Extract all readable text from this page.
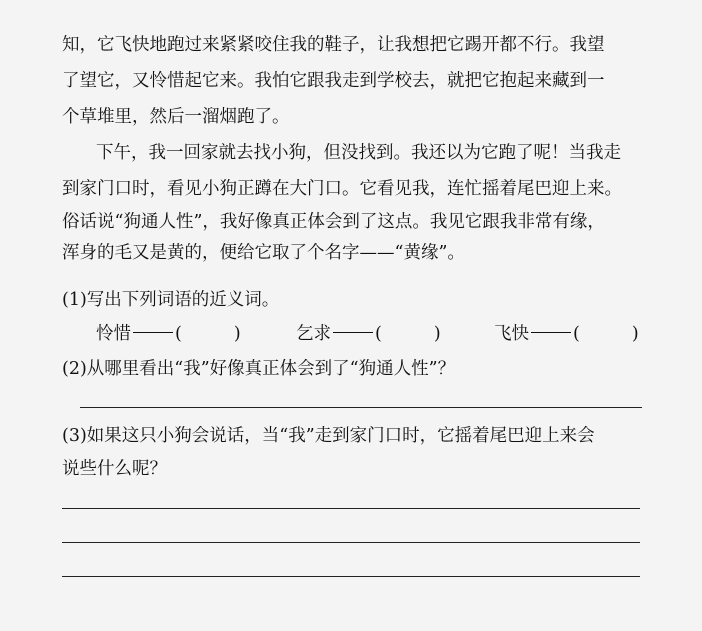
知，它飞快地跑过来紧紧咬住我的鞋子，让我想把它踢开都不行。我望
了望它，又怜惜起它来。我怕它跟我走到学校去，就把它抱起来藏到一
个草堆里，然后一溜烟跑了。
下午，我一回家就去找小狗，但没找到。我还以为它跑了呢！当我走
到家门口时，看见小狗正蹲在大门口。它看见我，连忙摇着尾巴迎上来。
俗话说“狗通人性”，我好像真正体会到了这点。我见它跟我非常有缘，
浑身的毛又是黄的，便给它取了个名字——“黄缘”。
(1)写出下列词语的近义词。
怜惜	(	)	乞求	(	)	飞快	(	)
(2)从哪里看出“我”好像真正体会到了“狗通人性”？
(3)如果这只小狗会说话，当“我”走到家门口时，它摇着尾巴迎上来会
说些什么呢？
